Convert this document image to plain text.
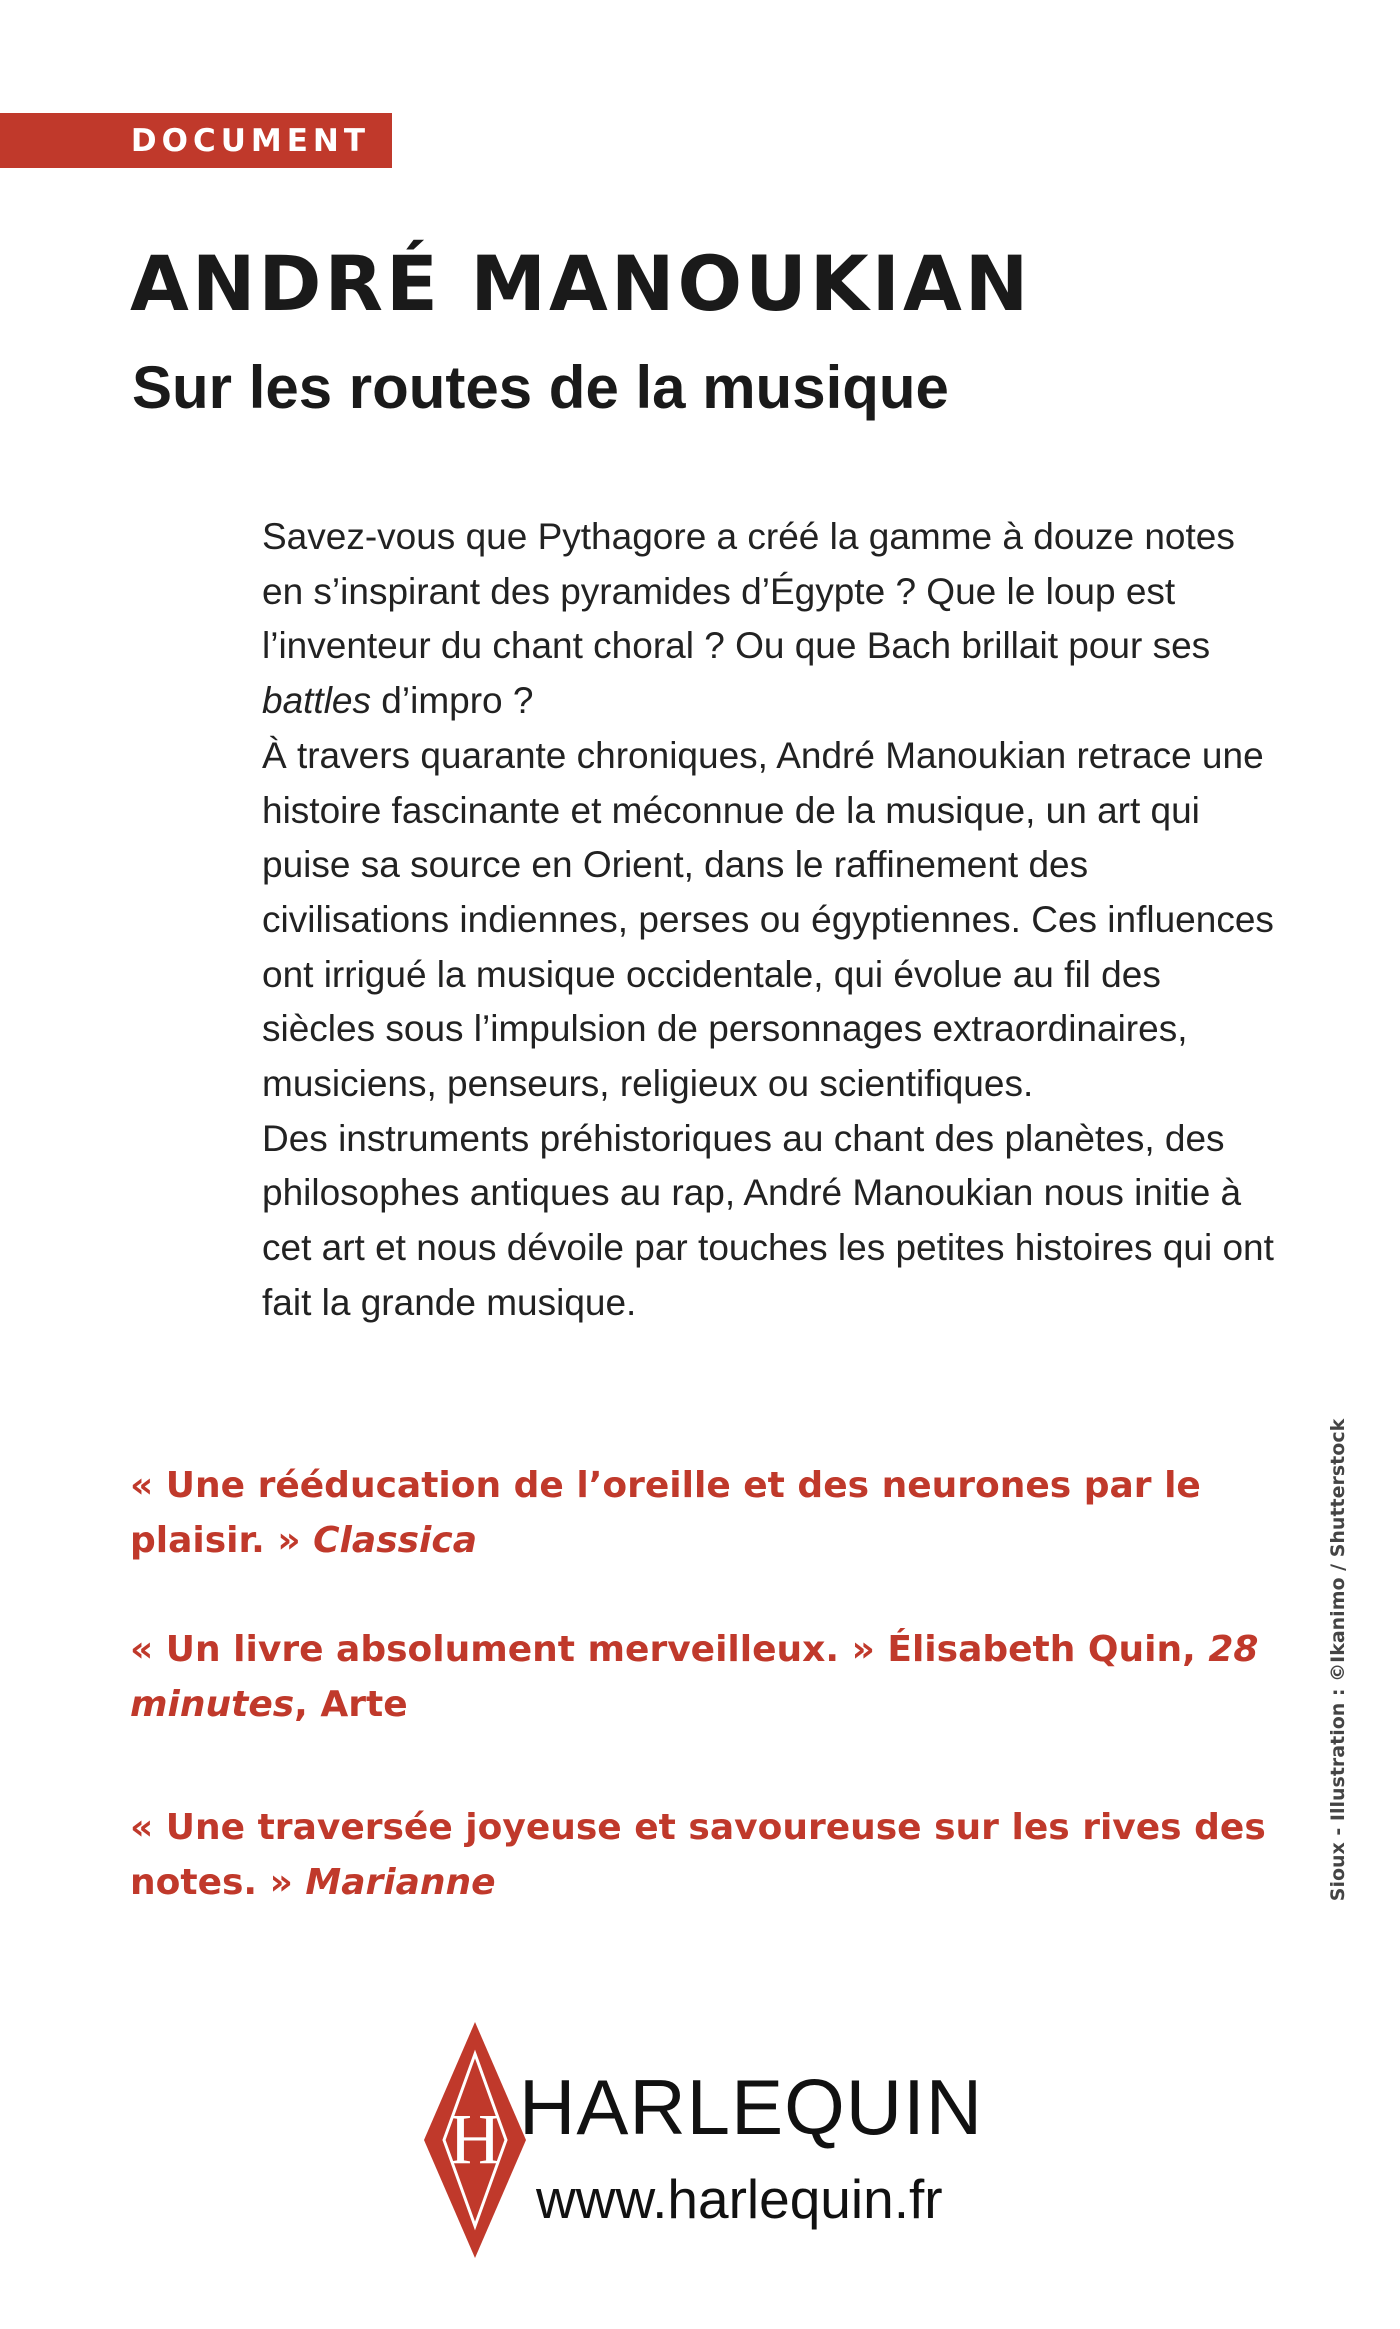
DOCUMENT
ANDRÉ MANOUKIAN
Sur les routes de la musique

Savez-vous que Pythagore a créé la gamme à douze notes en s’inspirant des pyramides d’Égypte ? Que le loup est l’inventeur du chant choral ? Ou que Bach brillait pour ses battles d’impro ?

À travers quarante chroniques, André Manoukian retrace une histoire fascinante et méconnue de la musique, un art qui puise sa source en Orient, dans le raffinement des civilisations indiennes, perses ou égyptiennes. Ces influences ont irrigué la musique occidentale, qui évolue au fil des siècles sous l’impulsion de personnages extraordinaires, musiciens, penseurs, religieux ou scientifiques.

Des instruments préhistoriques au chant des planètes, des philosophes antiques au rap, André Manoukian nous initie à cet art et nous dévoile par touches les petites histoires qui ont fait la grande musique.

« Une rééducation de l’oreille et des neurones par le plaisir. » Classica

« Un livre absolument merveilleux. » Élisabeth Quin, 28 minutes, Arte

« Une traversée joyeuse et savoureuse sur les rives des notes. » Marianne	Sioux - Illustration : ©Ikanimo / Shutterstock
H HARLEQUIN

www.harlequin.fr
